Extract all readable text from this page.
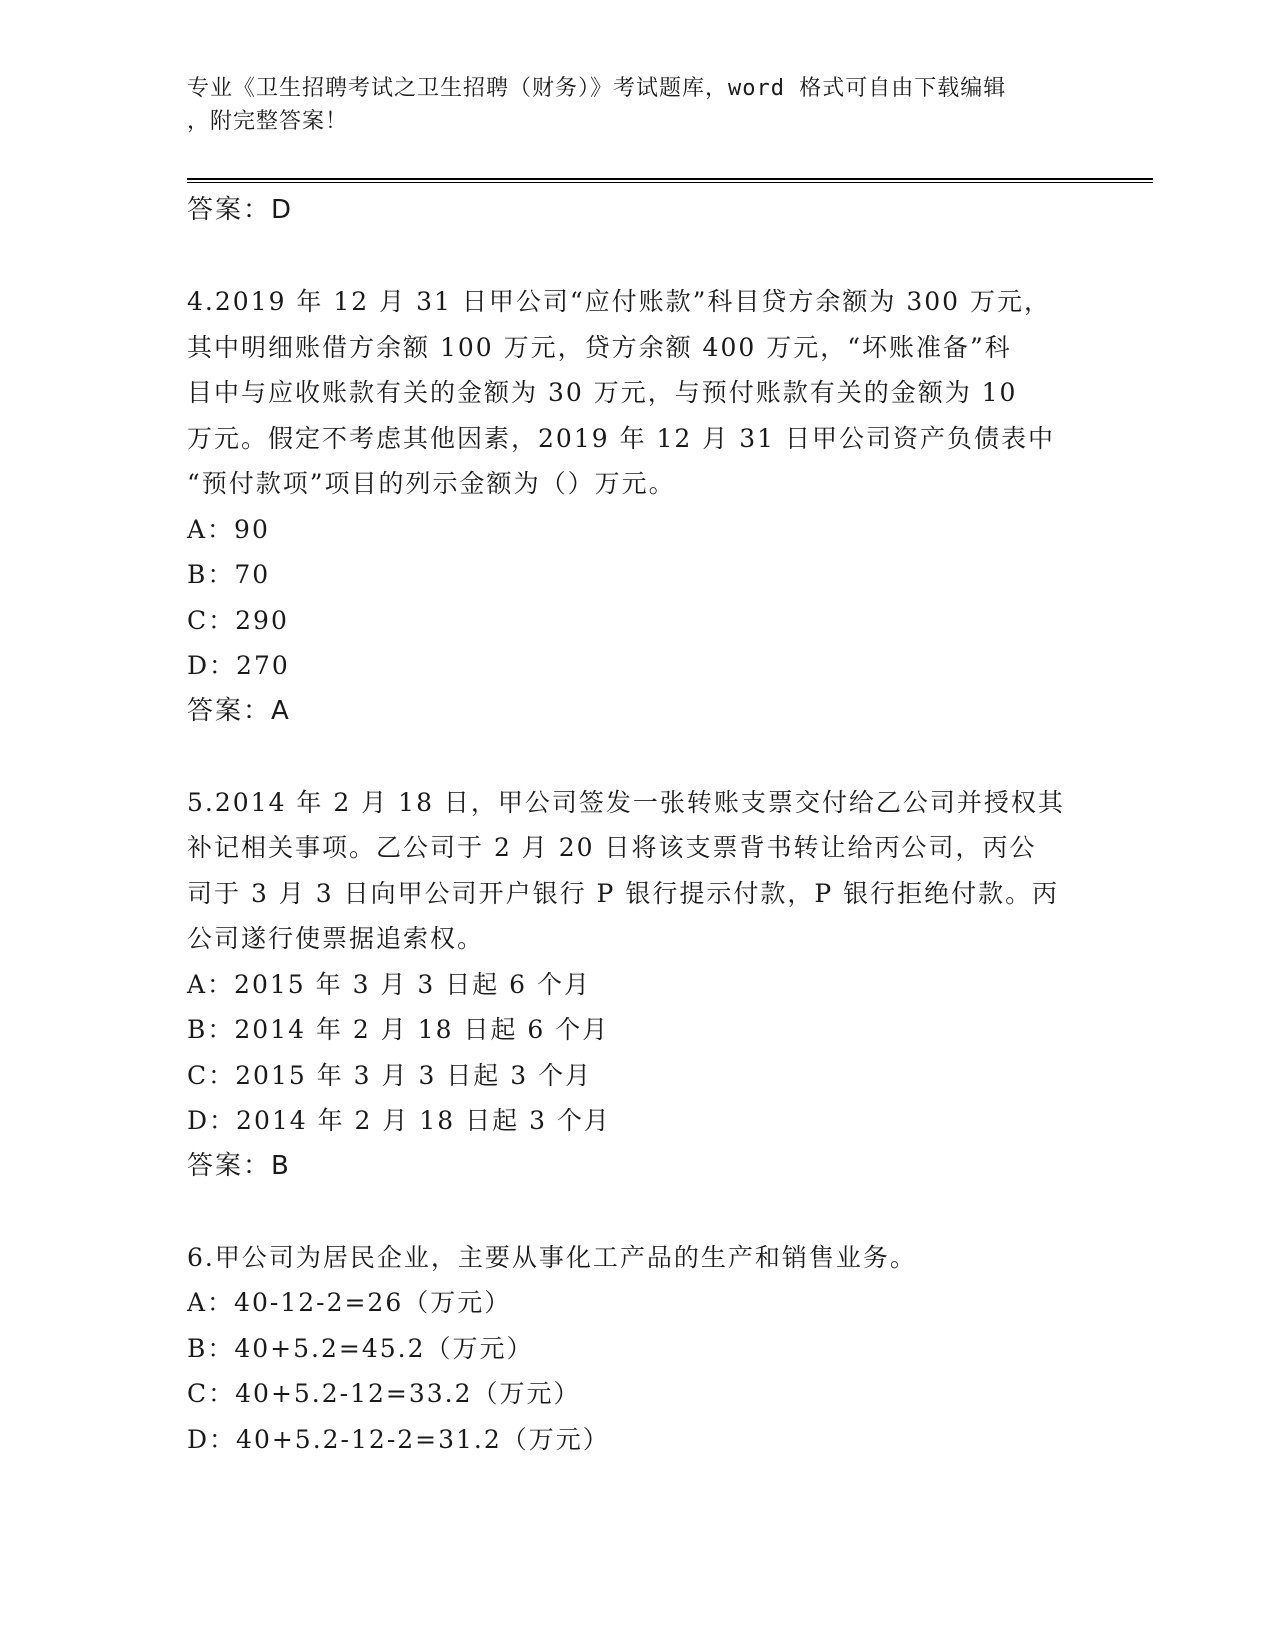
专业《卫生招聘考试之卫生招聘（财务）》考试题库，word 格式可自由下载编辑
，附完整答案！
答案：D
4.2019 年 12 月 31 日甲公司“应付账款”科目贷方余额为 300 万元，
其中明细账借方余额 100 万元，贷方余额 400 万元，“坏账准备”科
目中与应收账款有关的金额为 30 万元，与预付账款有关的金额为 10
万元。假定不考虑其他因素，2019 年 12 月 31 日甲公司资产负债表中
“预付款项”项目的列示金额为（）万元。
A：90
B：70
C：290
D：270
答案：A
5.2014 年 2 月 18 日，甲公司签发一张转账支票交付给乙公司并授权其
补记相关事项。乙公司于 2 月 20 日将该支票背书转让给丙公司，丙公
司于 3 月 3 日向甲公司开户银行 P 银行提示付款，P 银行拒绝付款。丙
公司遂行使票据追索权。
A：2015 年 3 月 3 日起 6 个月
B：2014 年 2 月 18 日起 6 个月
C：2015 年 3 月 3 日起 3 个月
D：2014 年 2 月 18 日起 3 个月
答案：B
6.甲公司为居民企业，主要从事化工产品的生产和销售业务。
A：40-12-2=26（万元）
B：40+5.2=45.2（万元）
C：40+5.2-12=33.2（万元）
D：40+5.2-12-2=31.2（万元）
